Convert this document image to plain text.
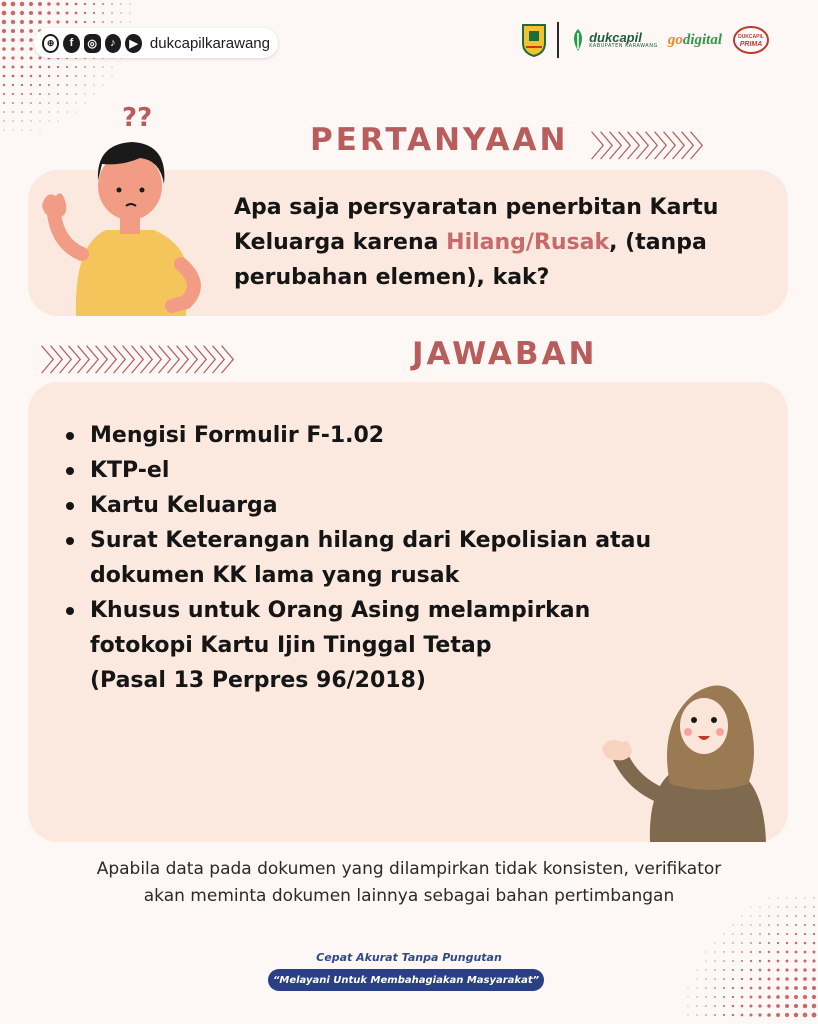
⊕	f	◎	♪	▶ dukcapilkarawang	dukcapil
KABUPATEN KARAWANG godigital	DUKCAPIL
PRIMA
PERTANYAAN 〉〉〉〉〉〉〉〉〉〉〉〉

Apa saja persyaratan penerbitan Kartu Keluarga karena Hilang/Rusak, (tanpa perubahan elemen), kak?

??
〉〉〉〉〉〉〉〉〉〉〉〉〉〉〉〉〉〉〉〉〉	JAWABAN
Mengisi Formulir F-1.02
KTP-el
Kartu Keluarga
Surat Keterangan hilang dari Kepolisian atau
dokumen KK lama yang rusak
Khusus untuk Orang Asing melampirkan
fotokopi Kartu Ijin Tinggal Tetap
(Pasal 13 Perpres 96/2018)
Apabila data pada dokumen yang dilampirkan tidak konsisten, verifikator
akan meminta dokumen lainnya sebagai bahan pertimbangan
Cepat Akurat Tanpa Pungutan
“Melayani Untuk Membahagiakan Masyarakat”
